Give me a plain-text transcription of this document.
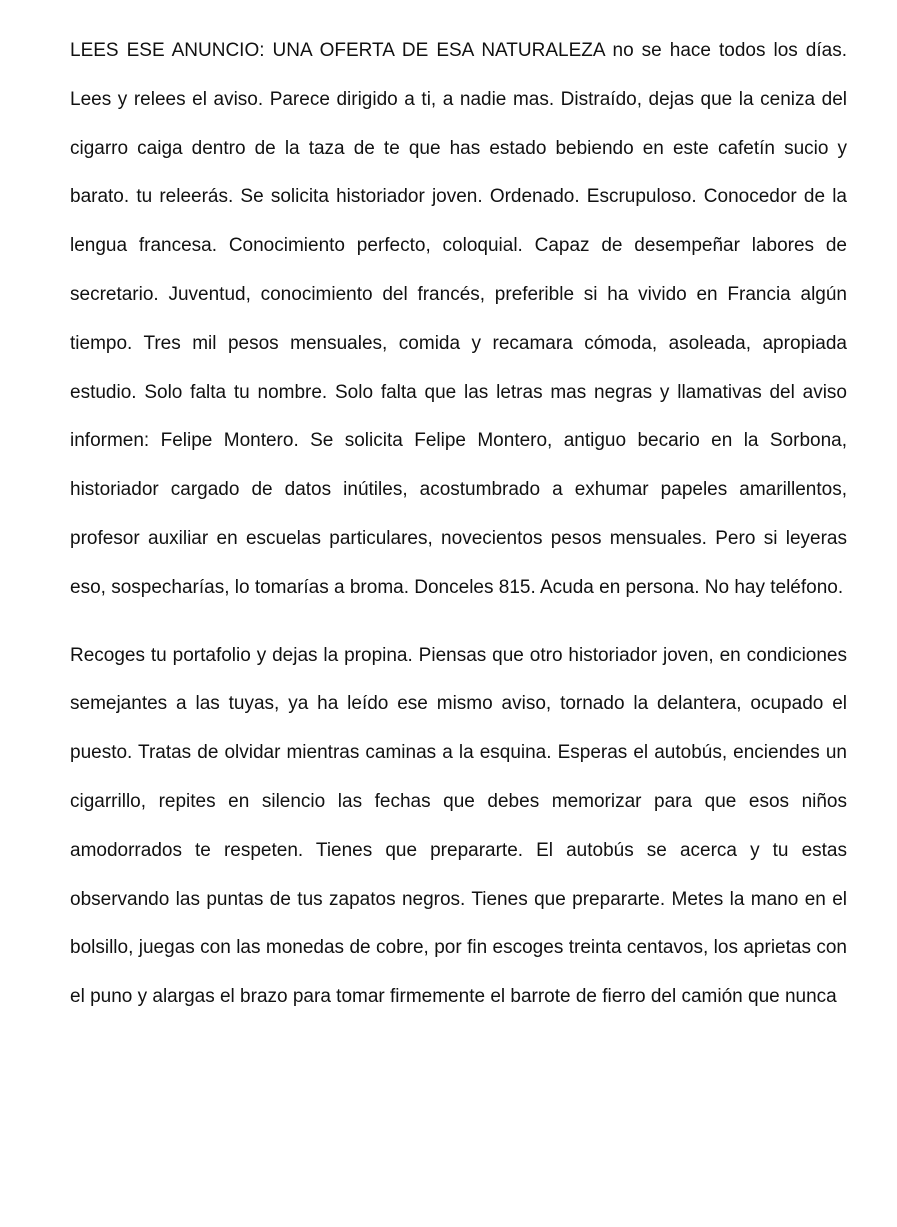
LEES ESE ANUNCIO: UNA OFERTA DE ESA NATURALEZA no se hace todos los días. Lees y relees el aviso. Parece dirigido a ti, a nadie mas. Distraído, dejas que la ceniza del cigarro caiga dentro de la taza de te que has estado bebiendo en este cafetín sucio y barato. tu releerás. Se solicita historiador joven. Ordenado. Escrupuloso. Conocedor de la lengua francesa. Conocimiento perfecto, coloquial. Capaz de desempeñar labores de secretario. Juventud, conocimiento del francés, preferible si ha vivido en Francia algún tiempo. Tres mil pesos mensuales, comida y recamara cómoda, asoleada, apropiada estudio. Solo falta tu nombre. Solo falta que las letras mas negras y llamativas del aviso informen: Felipe Montero. Se solicita Felipe Montero, antiguo becario en la Sorbona, historiador cargado de datos inútiles, acostumbrado a exhumar papeles amarillentos, profesor auxiliar en escuelas particulares, novecientos pesos mensuales. Pero si leyeras eso, sospecharías, lo tomarías a broma. Donceles 815. Acuda en persona. No hay teléfono.

Recoges tu portafolio y dejas la propina. Piensas que otro historiador joven, en condiciones semejantes a las tuyas, ya ha leído ese mismo aviso, tornado la delantera, ocupado el puesto. Tratas de olvidar mientras caminas a la esquina. Esperas el autobús, enciendes un cigarrillo, repites en silencio las fechas que debes memorizar para que esos niños amodorrados te respeten. Tienes que prepararte. El autobús se acerca y tu estas observando las puntas de tus zapatos negros. Tienes que prepararte. Metes la mano en el bolsillo, juegas con las monedas de cobre, por fin escoges treinta centavos, los aprietas con el puno y alargas el brazo para tomar firmemente el barrote de fierro del camión que nunca
